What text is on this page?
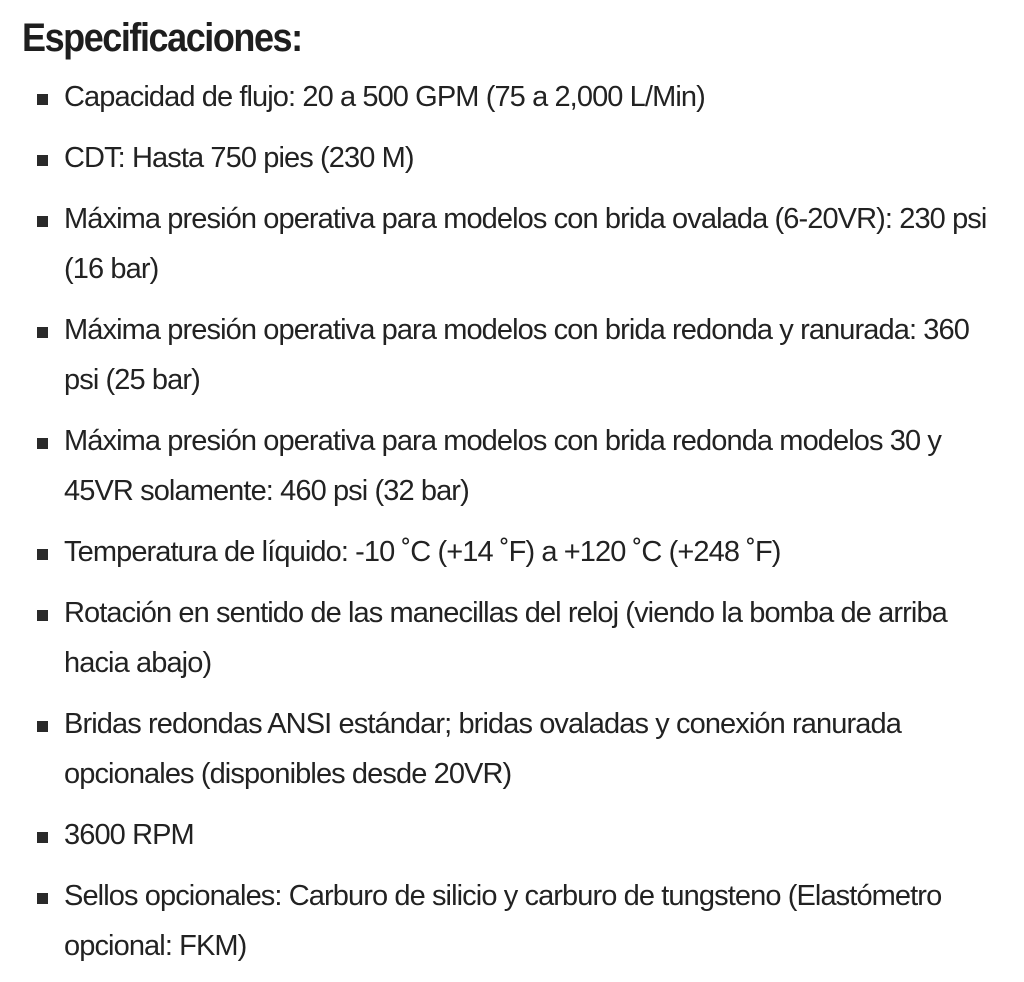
Especificaciones:
Capacidad de flujo: 20 a 500 GPM (75 a 2,000 L/Min)
CDT: Hasta 750 pies (230 M)
Máxima presión operativa para modelos con brida ovalada (6-20VR): 230 psi (16 bar)
Máxima presión operativa para modelos con brida redonda y ranurada: 360 psi (25 bar)
Máxima presión operativa para modelos con brida redonda modelos 30 y 45VR solamente: 460 psi (32 bar)
Temperatura de líquido: -10 ˚C (+14 ˚F) a +120 ˚C (+248 ˚F)
Rotación en sentido de las manecillas del reloj (viendo la bomba de arriba hacia abajo)
Bridas redondas ANSI estándar; bridas ovaladas y conexión ranurada opcionales (disponibles desde 20VR)
3600 RPM
Sellos opcionales: Carburo de silicio y carburo de tungsteno (Elastómetro opcional: FKM)
